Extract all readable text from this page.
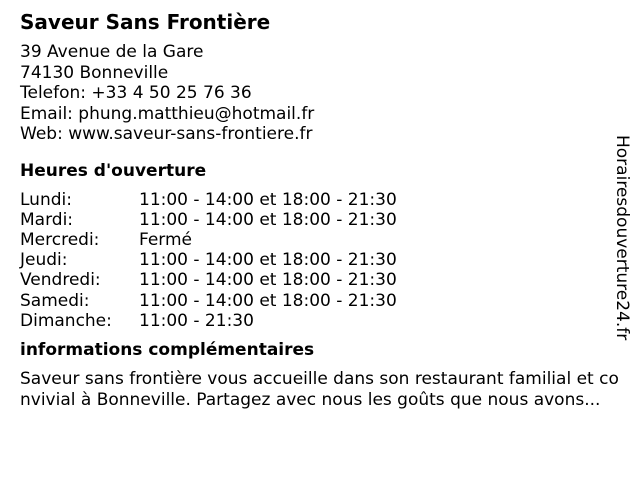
Saveur Sans Frontière
39 Avenue de la Gare
74130 Bonneville
Telefon: +33 4 50 25 76 36
Email: phung.matthieu@hotmail.fr
Web: www.saveur-sans-frontiere.fr
Heures d'ouverture
Lundi:	11:00 - 14:00 et 18:00 - 21:30
Mardi:	11:00 - 14:00 et 18:00 - 21:30
Mercredi:	Fermé
Jeudi:	11:00 - 14:00 et 18:00 - 21:30
Vendredi:	11:00 - 14:00 et 18:00 - 21:30
Samedi:	11:00 - 14:00 et 18:00 - 21:30
Dimanche:	11:00 - 21:30
informations complémentaires
Saveur sans frontière vous accueille dans son restaurant familial et convivial à Bonneville. Partagez avec nous les goûts que nous avons...
Horairesdouverture24.fr
